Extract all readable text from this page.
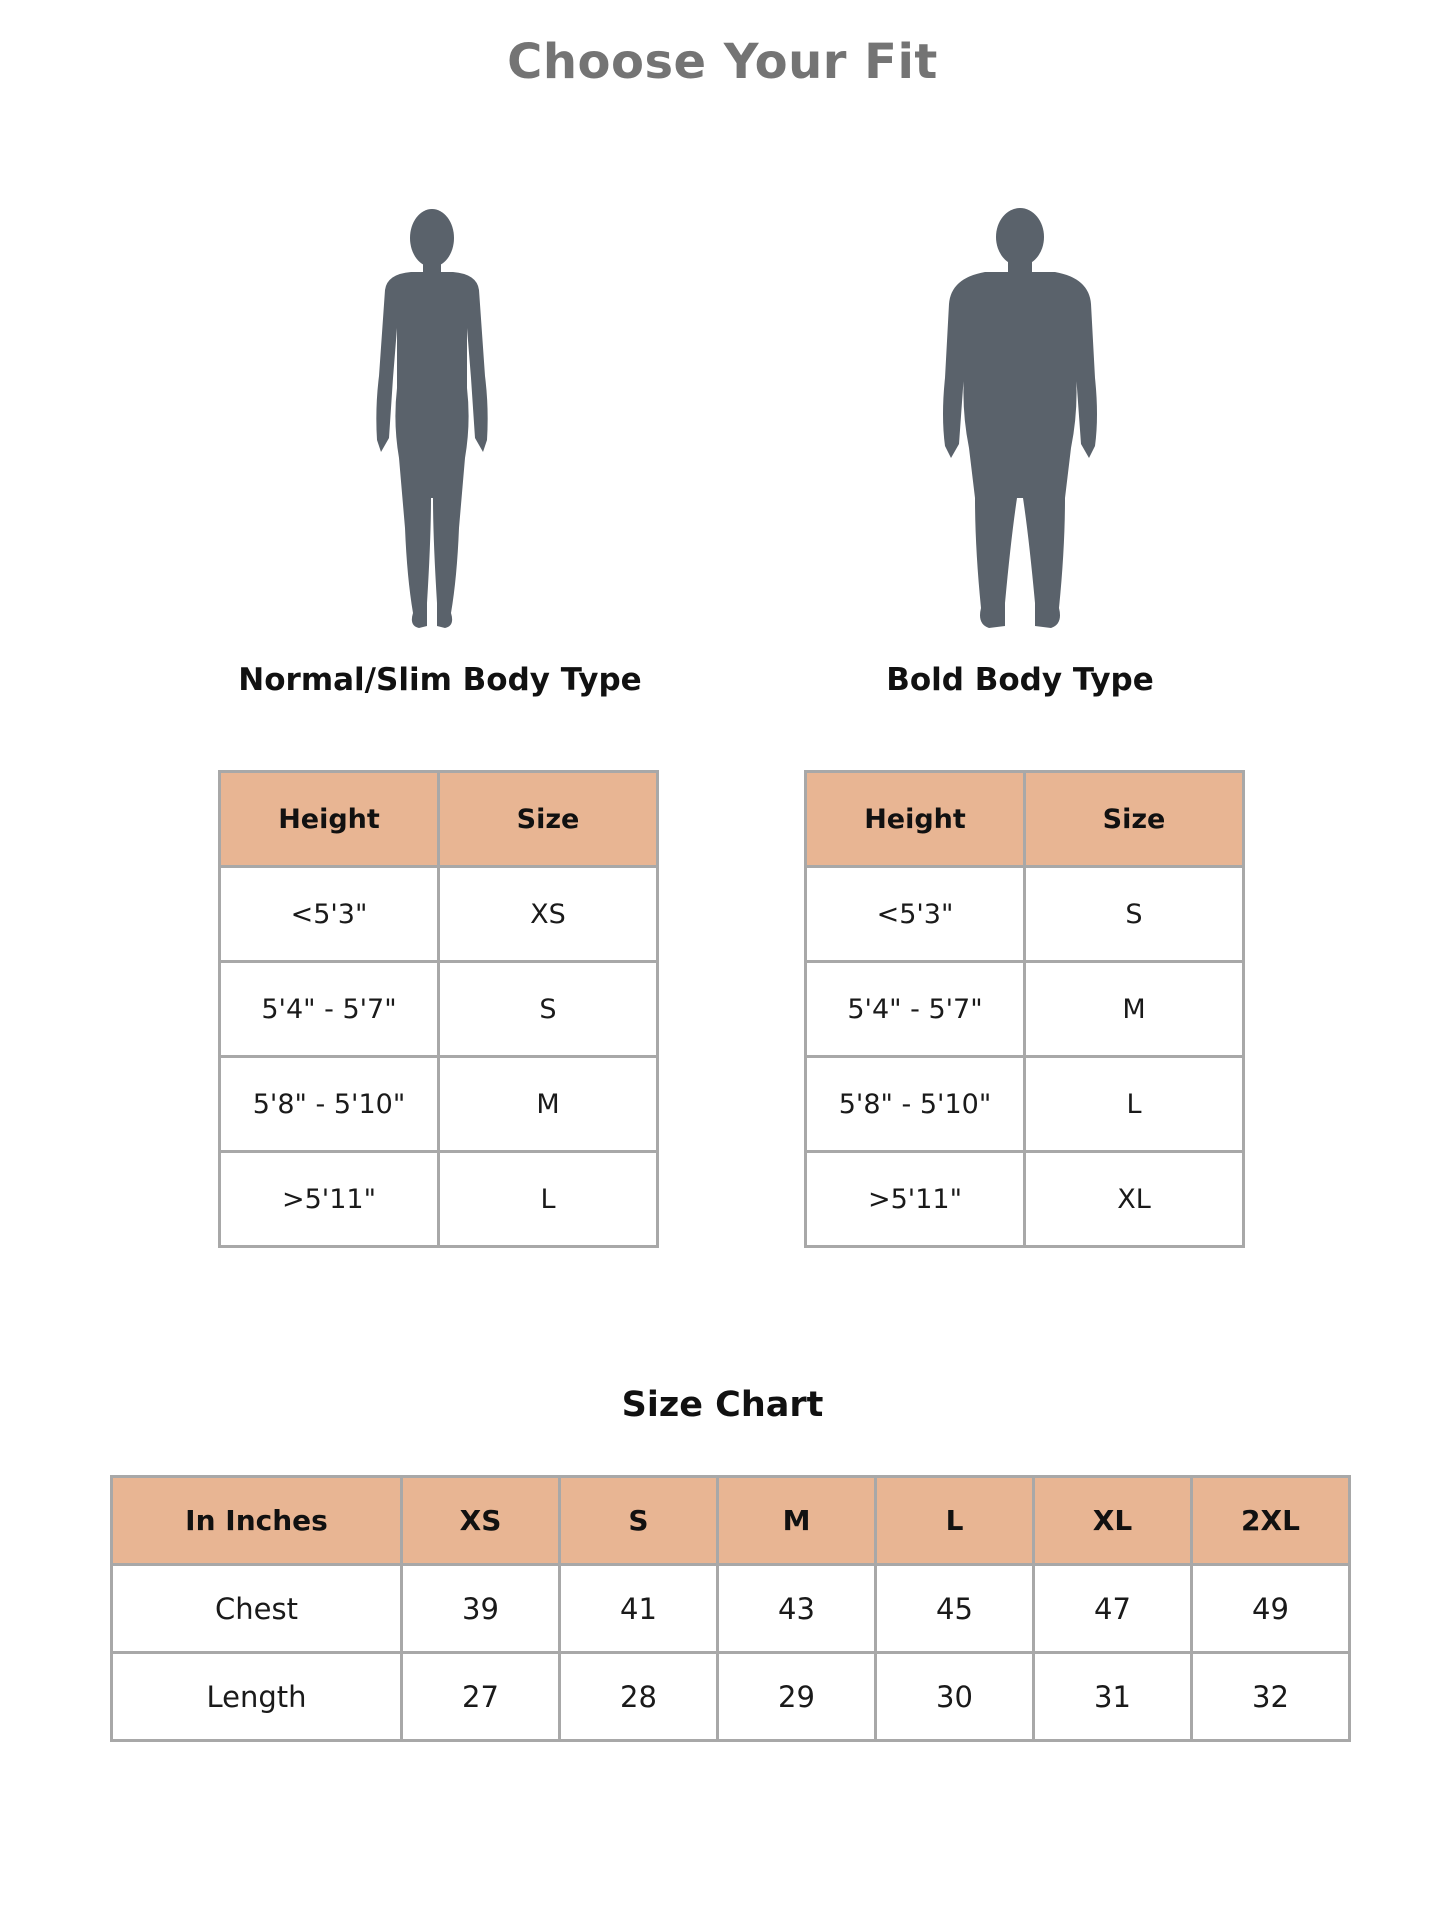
Choose Your Fit
Normal/Slim Body Type	Bold Body Type
Height	Size
<5'3"	XS
5'4" - 5'7"	S
5'8" - 5'10"	M
>5'11"	L
Height	Size
<5'3"	S
5'4" - 5'7"	M
5'8" - 5'10"	L
>5'11"	XL
Size Chart
In Inches	XS	S	M	L	XL	2XL
Chest	39	41	43	45	47	49
Length	27	28	29	30	31	32
